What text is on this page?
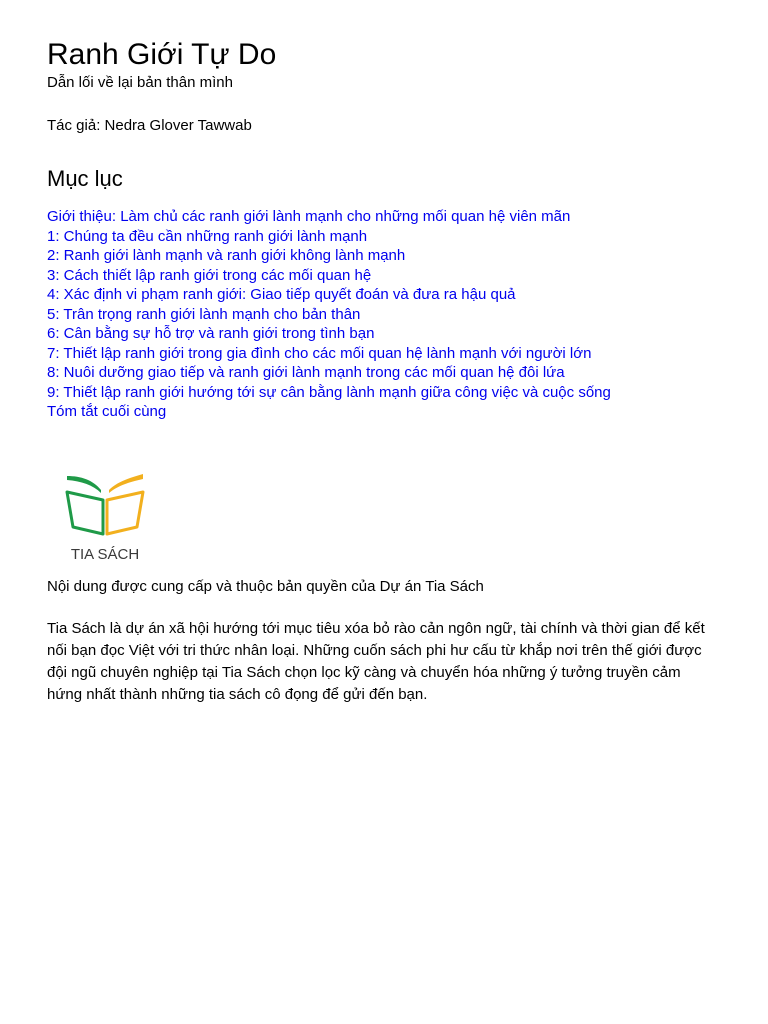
Ranh Giới Tự Do

Dẫn lối về lại bản thân mình

Tác giả: Nedra Glover Tawwab

Mục lục
Giới thiệu: Làm chủ các ranh giới lành mạnh cho những mối quan hệ viên mãn
1: Chúng ta đều cần những ranh giới lành mạnh
2: Ranh giới lành mạnh và ranh giới không lành mạnh
3: Cách thiết lập ranh giới trong các mối quan hệ
4: Xác định vi phạm ranh giới: Giao tiếp quyết đoán và đưa ra hậu quả
5: Trân trọng ranh giới lành mạnh cho bản thân
6: Cân bằng sự hỗ trợ và ranh giới trong tình bạn
7: Thiết lập ranh giới trong gia đình cho các mối quan hệ lành mạnh với người lớn
8: Nuôi dưỡng giao tiếp và ranh giới lành mạnh trong các mối quan hệ đôi lứa
9: Thiết lập ranh giới hướng tới sự cân bằng lành mạnh giữa công việc và cuộc sống
Tóm tắt cuối cùng
TIA SÁCH

Nội dung được cung cấp và thuộc bản quyền của Dự án Tia Sách

Tia Sách là dự án xã hội hướng tới mục tiêu xóa bỏ rào cản ngôn ngữ, tài chính và thời gian để kết nối bạn đọc Việt với tri thức nhân loại. Những cuốn sách phi hư cấu từ khắp nơi trên thế giới được đội ngũ chuyên nghiệp tại Tia Sách chọn lọc kỹ càng và chuyển hóa những ý tưởng truyền cảm hứng nhất thành những tia sách cô đọng để gửi đến bạn.
